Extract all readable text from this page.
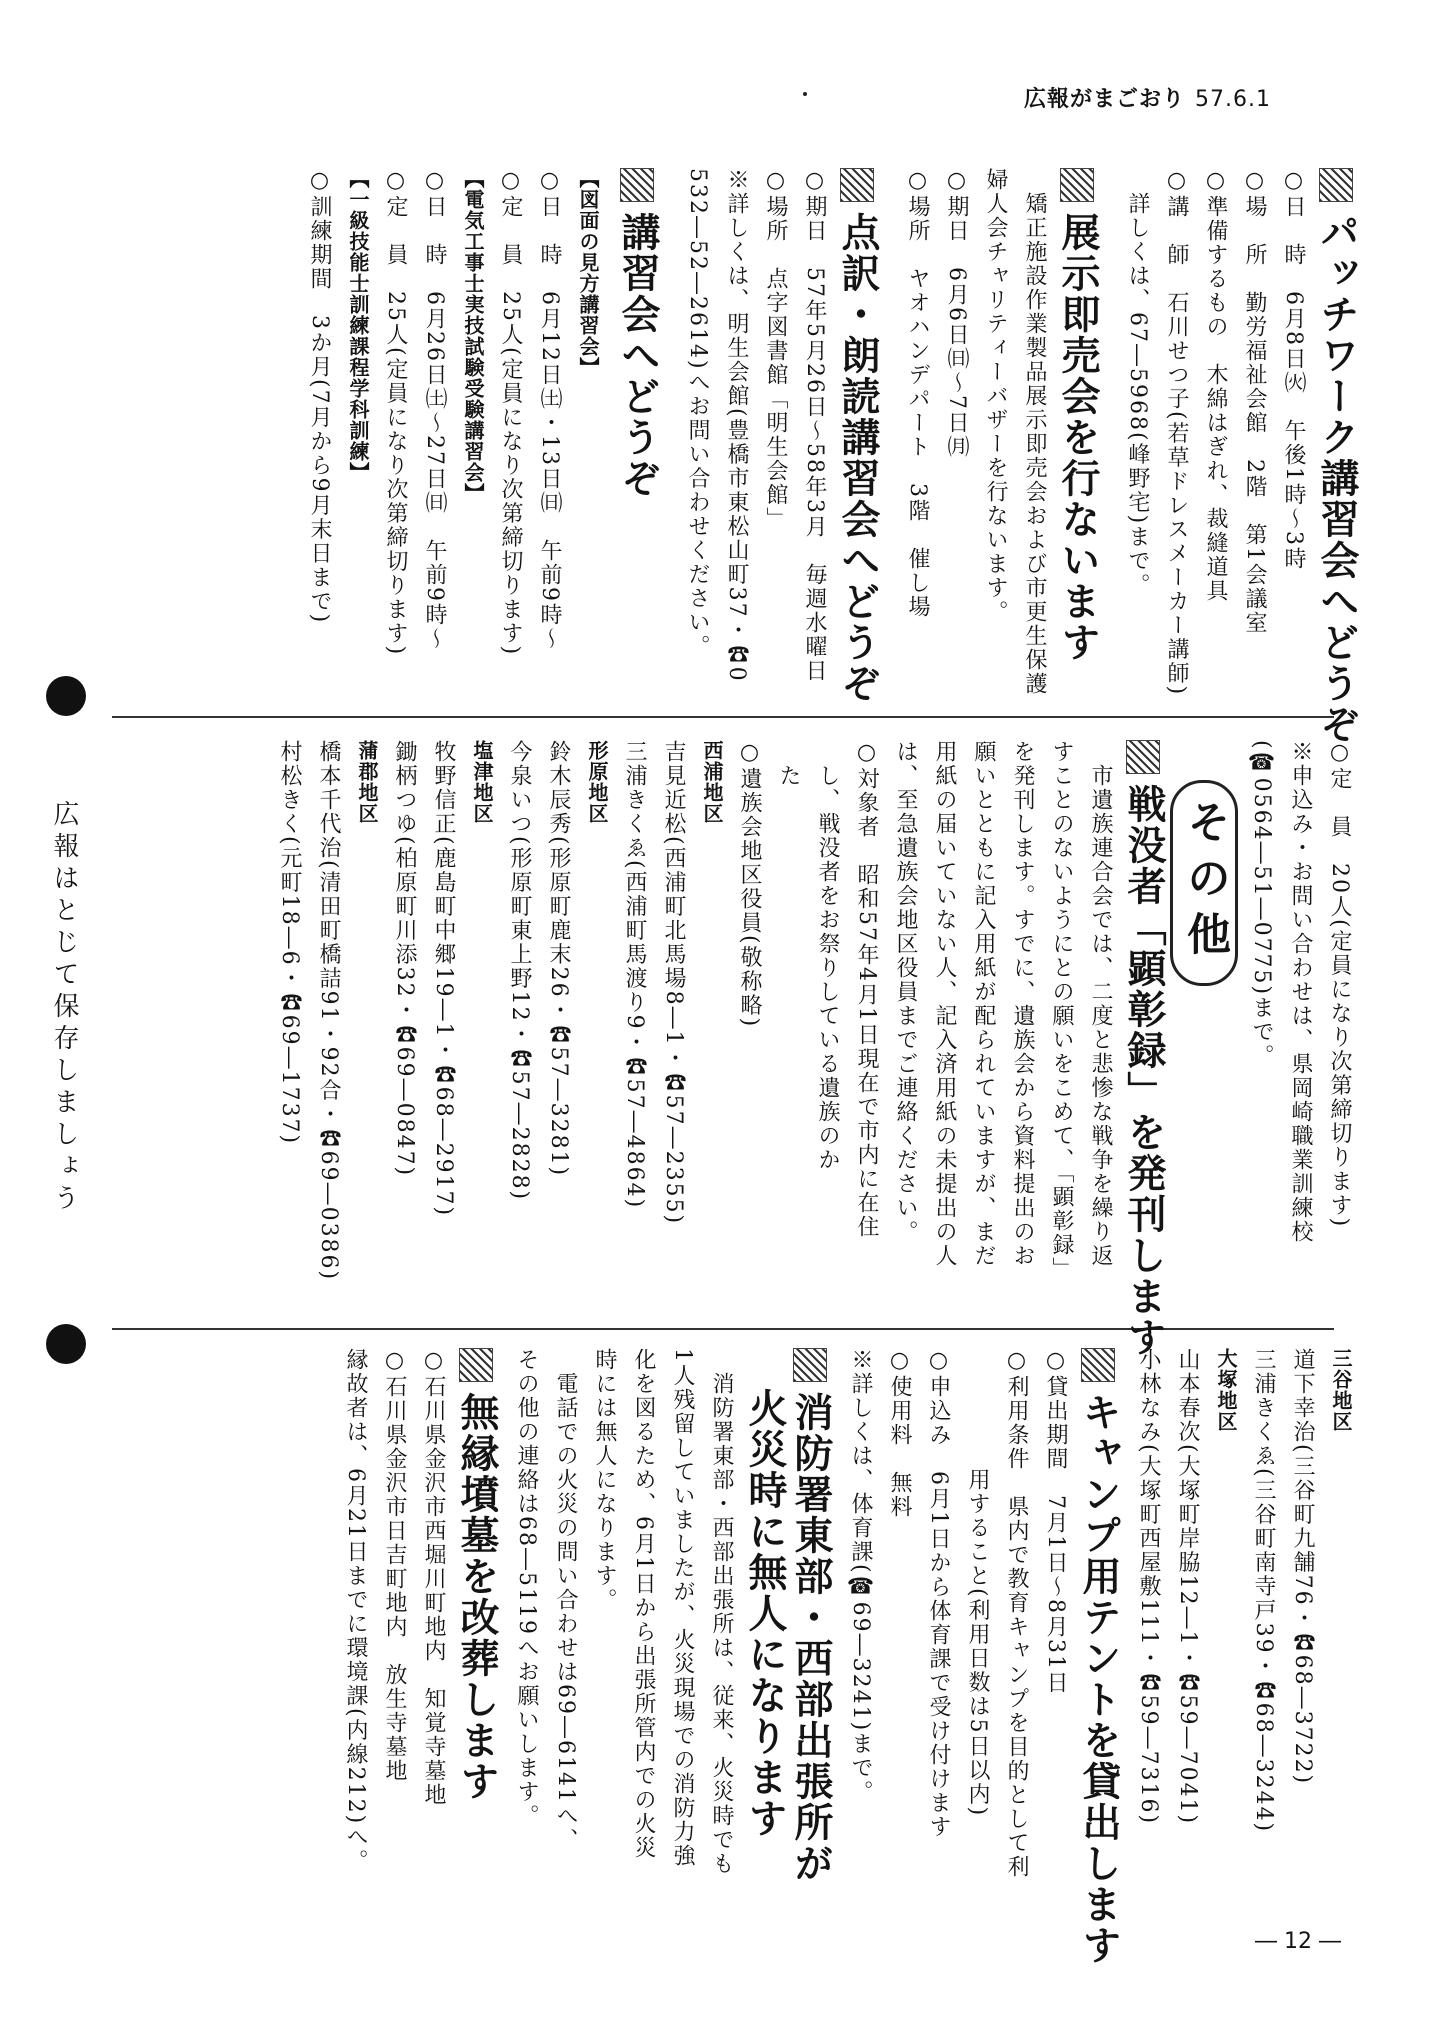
広報がまごおり 57.6.1
パッチワーク講習会へどうぞ
○日　時　6月8日㈫　午後1時〜3時
○場　所　勤労福祉会館　2階　第1会議室
○準備するもの　木綿はぎれ、裁縫道具
○講　師　石川せつ子(若草ドレスメーカー講師)
　詳しくは、67―5968(峰野宅)まで。
展示即売会を行ないます
　矯正施設作業製品展示即売会および市更生保護
婦人会チャリティーバザーを行ないます。
○期日　6月6日㈰〜7日㈪
○場所　ヤオハンデパート　3階　催し場
点訳・朗読講習会へどうぞ
○期日　57年5月26日〜58年3月　毎週水曜日
○場所　点字図書館「明生会館」
※詳しくは、明生会館(豊橋市東松山町37・☎0
532―52―2614)へお問い合わせください。
講習会へどうぞ
【図面の見方講習会】
○日　時　6月12日㈯・13日㈰　午前9時〜
○定　員　25人(定員になり次第締切ります)
【電気工事士実技試験受験講習会】
○日　時　6月26日㈯〜27日㈰　午前9時〜
○定　員　25人(定員になり次第締切ります)
【一級技能士訓練課程学科訓練】
○訓練期間　3か月(7月から9月末日まで)
○定　員　20人(定員になり次第締切ります)
※申込み・お問い合わせは、県岡崎職業訓練校
(☎0564―51―0775)まで。
その他
戦没者「顕彰録」を発刊します
　市遺族連合会では、二度と悲惨な戦争を繰り返
すことのないようにとの願いをこめて、「顕彰録」
を発刊します。すでに、遺族会から資料提出のお
願いとともに記入用紙が配られていますが、まだ
用紙の届いていない人、記入済用紙の未提出の人
は、至急遺族会地区役員までご連絡ください。
○対象者　昭和57年4月1日現在で市内に在住
　し、戦没者をお祭りしている遺族のか
　た
○遺族会地区役員(敬称略)
西浦地区
吉見近松(西浦町北馬場8―1・☎57―2355)
三浦きくゑ(西浦町馬渡り9・☎57―4864)
形原地区
鈴木辰秀(形原町鹿末26・☎57―3281)
今泉いつ(形原町東上野12・☎57―2828)
塩津地区
牧野信正(鹿島町中郷19―1・☎68―2917)
鋤柄つゆ(柏原町川添32・☎69―0847)
蒲郡地区
橋本千代治(清田町橋詰91・92合・☎69―0386)
村松きく(元町18―6・☎69―1737)
広報はとじて保存しましょう
三谷地区
道下幸治(三谷町九舗76・☎68―3722)
三浦きくゑ(三谷町南寺戸39・☎68―3244)
大塚地区
山本春次(大塚町岸脇12―1・☎59―7041)
小林なみ(大塚町西屋敷111・☎59―7316)
キャンプ用テントを貸出します
○貸出期間　7月1日〜8月31日
○利用条件　県内で教育キャンプを目的として利
　　　　　用すること(利用日数は5日以内)
○申込み　6月1日から体育課で受け付けます
○使用料　無料
※詳しくは、体育課(☎69―3241)まで。
消防署東部・西部出張所が
火災時に無人になります
　消防署東部・西部出張所は、従来、火災時でも
1人残留していましたが、火災現場での消防力強
化を図るため、6月1日から出張所管内での火災
時には無人になります。
　電話での火災の問い合わせは69―6141へ、
その他の連絡は68―5119へお願いします。
無縁墳墓を改葬します
○石川県金沢市西堀川町地内　知覚寺墓地
○石川県金沢市日吉町地内　放生寺墓地
縁故者は、6月21日までに環境課(内線212)へ。
― 12 ―
